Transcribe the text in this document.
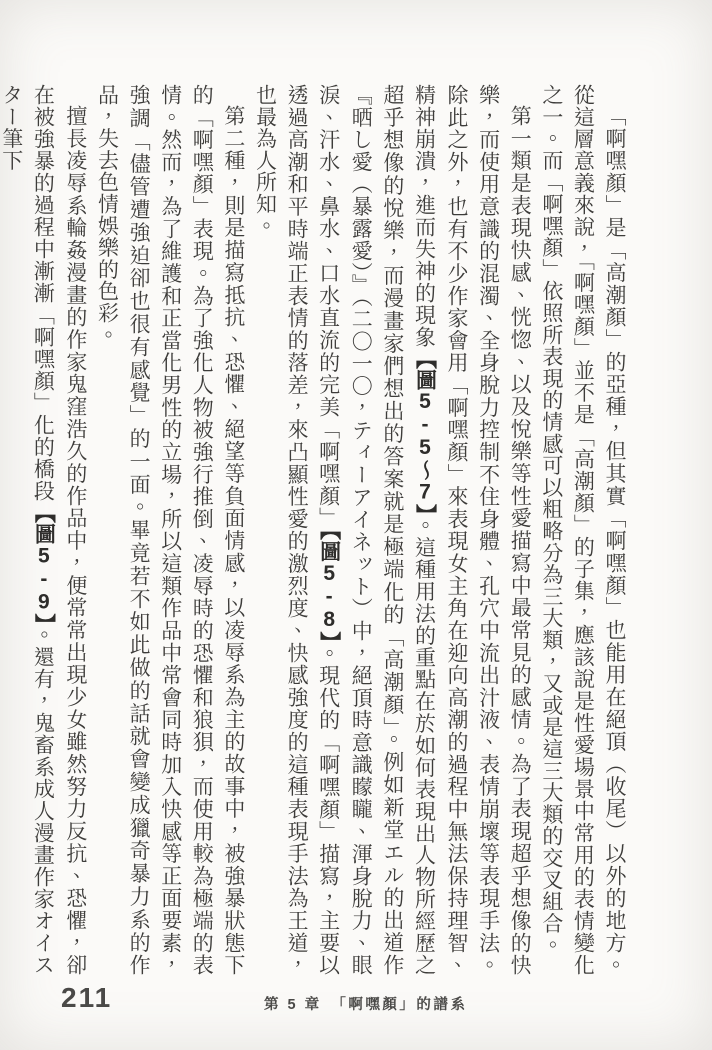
「啊嘿顏」是「高潮顏」的亞種，但其實「啊嘿顏」也能用在絕頂（收尾）以外的地方。從這層意義來說，「啊嘿顏」並不是「高潮顏」的子集，應該說是性愛場景中常用的表情變化之一。而「啊嘿顏」依照所表現的情感可以粗略分為三大類，又或是這三大類的交叉組合。

第一類是表現快感、恍惚、以及悅樂等性愛描寫中最常見的感情。為了表現超乎想像的快樂，而使用意識的混濁、全身脫力控制不住身體、孔穴中流出汁液、表情崩壞等表現手法。除此之外，也有不少作家會用「啊嘿顏」來表現女主角在迎向高潮的過程中無法保持理智、精神崩潰，進而失神的現象【圖5-5～7】。這種用法的重點在於如何表現出人物所經歷之超乎想像的悅樂，而漫畫家們想出的答案就是極端化的「高潮顏」。例如新堂エル的出道作『晒し愛（暴露愛）』（二〇一〇，ティーアイネット）中，絕頂時意識矇矓、渾身脫力、眼淚、汗水、鼻水、口水直流的完美「啊嘿顏」【圖5-8】。現代的「啊嘿顏」描寫，主要以透過高潮和平時端正表情的落差，來凸顯性愛的激烈度、快感強度的這種表現手法為王道，也最為人所知。

第二種，則是描寫抵抗、恐懼、絕望等負面情感，以凌辱系為主的故事中，被強暴狀態下的「啊嘿顏」表現。為了強化人物被強行推倒、凌辱時的恐懼和狼狽，而使用較為極端的表情。然而，為了維護和正當化男性的立場，所以這類作品中常會同時加入快感等正面要素，強調「儘管遭強迫卻也很有感覺」的一面。畢竟若不如此做的話就會變成獵奇暴力系的作品，失去色情娛樂的色彩。

擅長凌辱系輪姦漫畫的作家鬼窪浩久的作品中，便常常出現少女雖然努力反抗、恐懼，卻在被強暴的過程中漸漸「啊嘿顏」化的橋段【圖5-9】。還有，鬼畜系成人漫畫作家オイスター筆下

211	第 5 章　「啊嘿顏」的譜系
